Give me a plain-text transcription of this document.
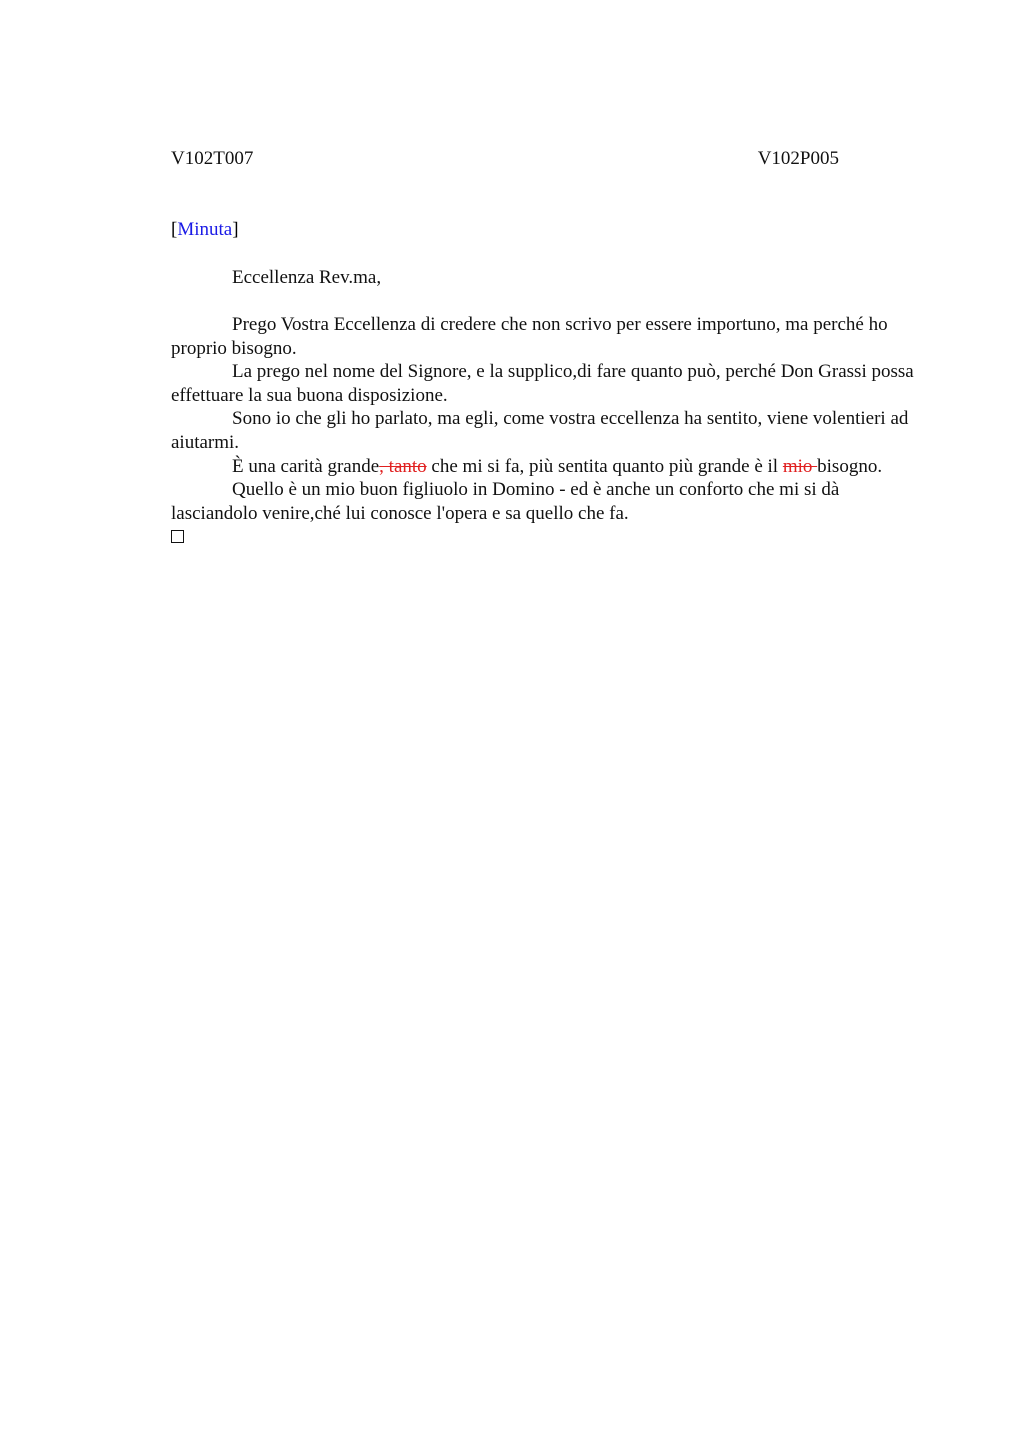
V102T007	V102P005
[Minuta]
Eccellenza Rev.ma,

Prego Vostra Eccellenza di credere che non scrivo per essere importuno, ma perché ho proprio bisogno.

La prego nel nome del Signore, e la supplico,di fare quanto può, perché Don Grassi possa effettuare la sua buona disposizione.

Sono io che gli ho parlato, ma egli, come vostra eccellenza ha sentito, viene volentieri ad aiutarmi.

È una carità grande, tanto che mi si fa, più sentita quanto più grande è il mio bisogno.

Quello è un mio buon figliuolo in Domino - ed è anche un conforto che mi si dà lasciandolo venire,ché lui conosce l'opera e sa quello che fa.
